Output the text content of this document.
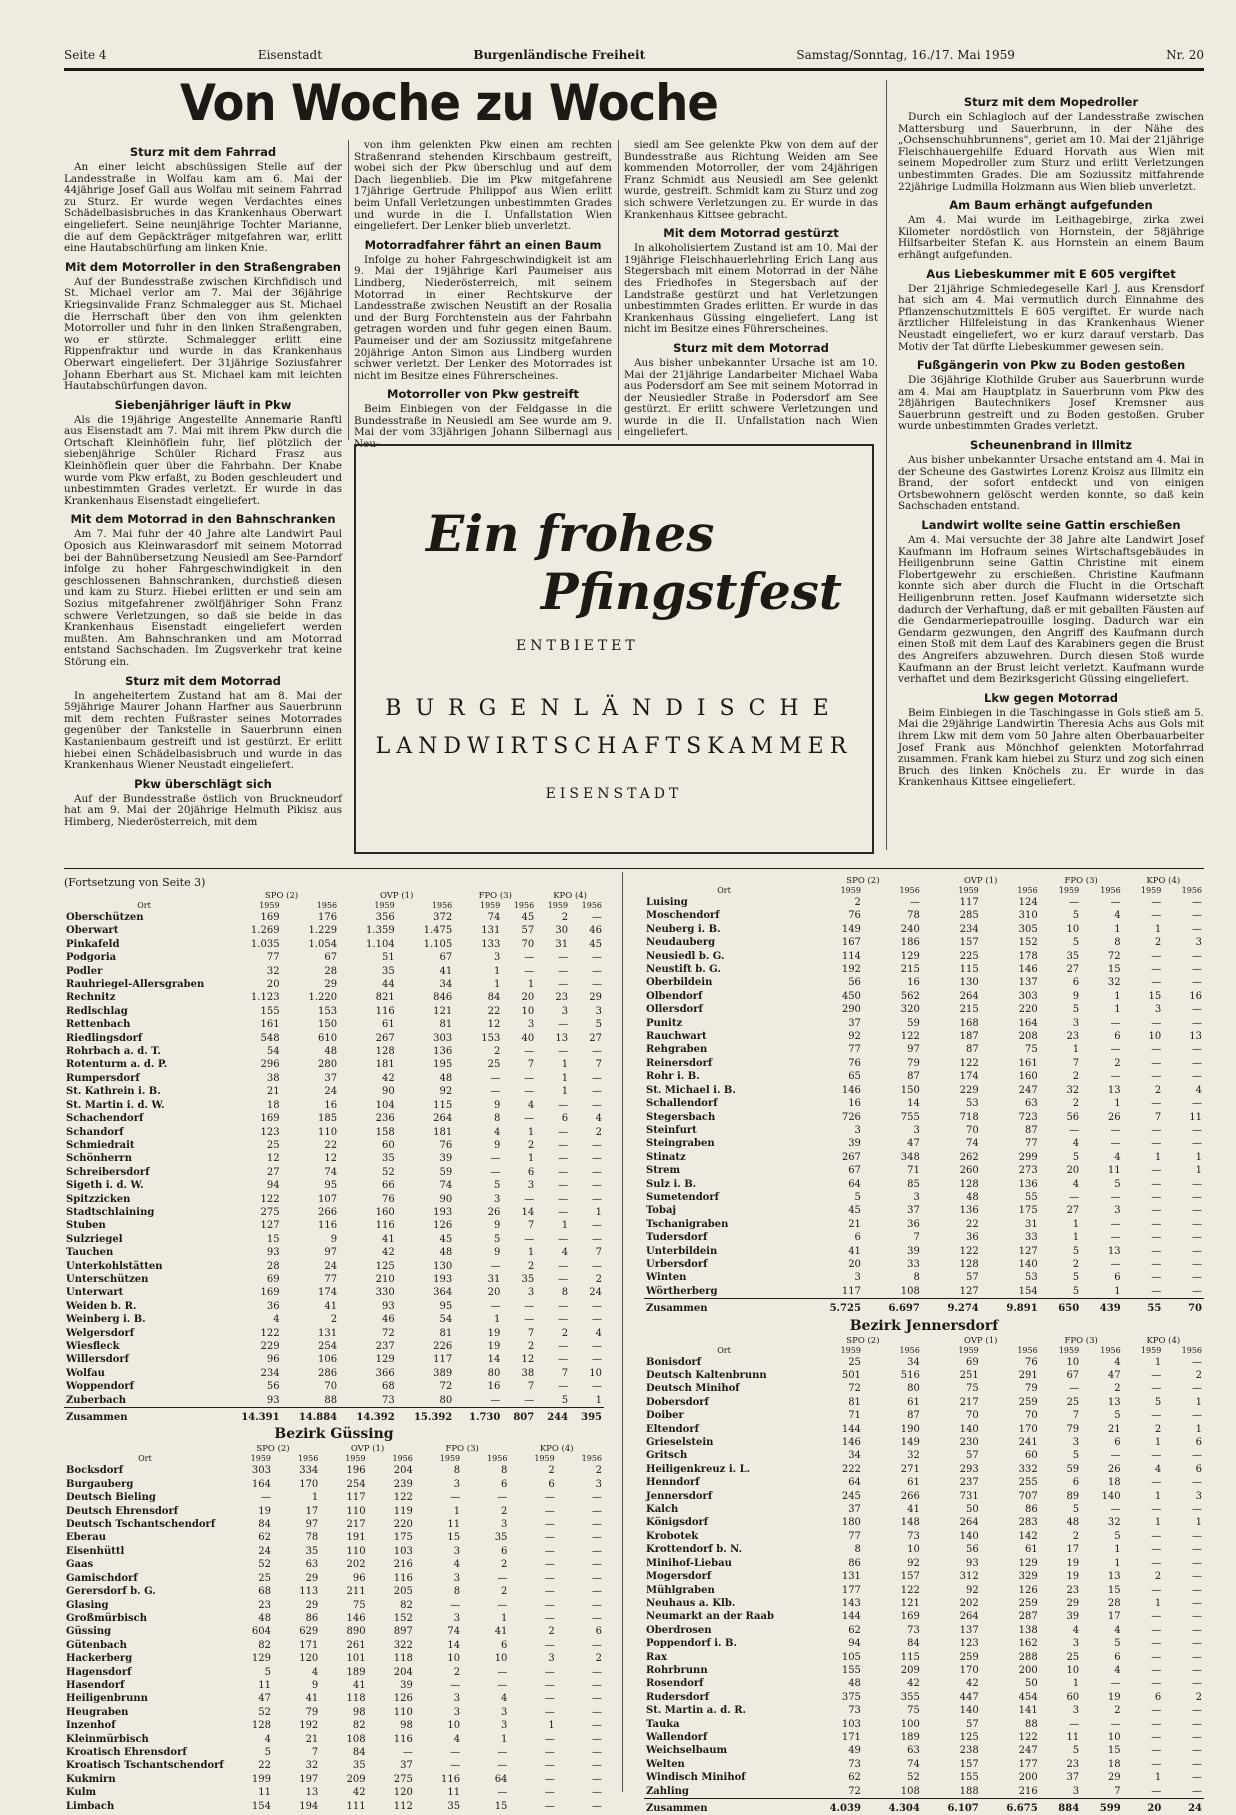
Seite 4	Eisenstadt	Burgenländische Freiheit	Samstag/Sonntag, 16./17. Mai 1959	Nr. 20
Von Woche zu Woche
Sturz mit dem Fahrrad

An einer leicht abschüssigen Stelle auf der Landesstraße in Wolfau kam am 6. Mai der 44jährige Josef Gall aus Wolfau mit seinem Fahrrad zu Sturz. Er wurde wegen Verdachtes eines Schädelbasisbruches in das Krankenhaus Oberwart eingeliefert. Seine neunjährige Tochter Marianne, die auf dem Gepäckträger mitgefahren war, erlitt eine Hautabschürfung am linken Knie.

Mit dem Motorroller in den Straßengraben

Auf der Bundesstraße zwischen Kirchfidisch und St. Michael verlor am 7. Mai der 36jährige Kriegsinvalide Franz Schmalegger aus St. Michael die Herrschaft über den von ihm gelenkten Motorroller und fuhr in den linken Straßengraben, wo er stürzte. Schmalegger erlitt eine Rippenfraktur und wurde in das Krankenhaus Oberwart eingeliefert. Der 31jährige Soziusfahrer Johann Eberhart aus St. Michael kam mit leichten Hautabschürfungen davon.

Siebenjähriger läuft in Pkw

Als die 19jährige Angestellte Annemarie Ranftl aus Eisenstadt am 7. Mai mit ihrem Pkw durch die Ortschaft Kleinhöflein fuhr, lief plötzlich der siebenjährige Schüler Richard Frasz aus Kleinhöflein quer über die Fahrbahn. Der Knabe wurde vom Pkw erfaßt, zu Boden geschleudert und unbestimmten Grades verletzt. Er wurde in das Krankenhaus Eisenstadt eingeliefert.

Mit dem Motorrad in den Bahnschranken

Am 7. Mai fuhr der 40 Jahre alte Landwirt Paul Oposich aus Kleinwarasdorf mit seinem Motorrad bei der Bahnübersetzung Neusiedl am See-Parndorf infolge zu hoher Fahrgeschwindigkeit in den geschlossenen Bahnschranken, durchstieß diesen und kam zu Sturz. Hiebei erlitten er und sein am Sozius mitgefahrener zwölfjähriger Sohn Franz schwere Verletzungen, so daß sie beide in das Krankenhaus Eisenstadt eingeliefert werden mußten. Am Bahnschranken und am Motorrad entstand Sachschaden. Im Zugsverkehr trat keine Störung ein.

Sturz mit dem Motorrad

In angeheitertem Zustand hat am 8. Mai der 59jährige Maurer Johann Harfner aus Sauerbrunn mit dem rechten Fußraster seines Motorrades gegenüber der Tankstelle in Sauerbrunn einen Kastanienbaum gestreift und ist gestürzt. Er erlitt hiebei einen Schädelbasisbruch und wurde in das Krankenhaus Wiener Neustadt eingeliefert.

Pkw überschlägt sich

Auf der Bundesstraße östlich von Bruckneudorf hat am 9. Mai der 20jährige Helmuth Pikisz aus Himberg, Niederösterreich, mit dem

von ihm gelenkten Pkw einen am rechten Straßenrand stehenden Kirschbaum gestreift, wobei sich der Pkw überschlug und auf dem Dach liegenblieb. Die im Pkw mitgefahrene 17jährige Gertrude Philippof aus Wien erlitt beim Unfall Verletzungen unbestimmten Grades und wurde in die I. Unfallstation Wien eingeliefert. Der Lenker blieb unverletzt.

Motorradfahrer fährt an einen Baum

Infolge zu hoher Fahrgeschwindigkeit ist am 9. Mai der 19jährige Karl Paumeiser aus Lindberg, Niederösterreich, mit seinem Motorrad in einer Rechtskurve der Landesstraße zwischen Neustift an der Rosalia und der Burg Forchtenstein aus der Fahrbahn getragen worden und fuhr gegen einen Baum. Paumeiser und der am Soziussitz mitgefahrene 20jährige Anton Simon aus Lindberg wurden schwer verletzt. Der Lenker des Motorrades ist nicht im Besitze eines Führerscheines.

Motorroller von Pkw gestreift

Beim Einbiegen von der Feldgasse in die Bundesstraße in Neusiedl am See wurde am 9. Mai der vom 33jährigen Johann Silbernagl aus Neu-

siedl am See gelenkte Pkw von dem auf der Bundesstraße aus Richtung Weiden am See kommenden Motorroller, der vom 24jährigen Franz Schmidt aus Neusiedl am See gelenkt wurde, gestreift. Schmidt kam zu Sturz und zog sich schwere Verletzungen zu. Er wurde in das Krankenhaus Kittsee gebracht.

Mit dem Motorrad gestürzt

In alkoholisiertem Zustand ist am 10. Mai der 19jährige Fleischhauerlehrling Erich Lang aus Stegersbach mit einem Motorrad in der Nähe des Friedhofes in Stegersbach auf der Landstraße gestürzt und hat Verletzungen unbestimmten Grades erlitten. Er wurde in das Krankenhaus Güssing eingeliefert. Lang ist nicht im Besitze eines Führerscheines.

Sturz mit dem Motorrad

Aus bisher unbekannter Ursache ist am 10. Mai der 21jährige Landarbeiter Michael Waba aus Podersdorf am See mit seinem Motorrad in der Neusiedler Straße in Podersdorf am See gestürzt. Er erlitt schwere Verletzungen und wurde in die II. Unfallstation nach Wien eingeliefert.

Sturz mit dem Mopedroller

Durch ein Schlagloch auf der Landesstraße zwischen Mattersburg und Sauerbrunn, in der Nähe des „Ochsenschuhbrunnens", geriet am 10. Mai der 21jährige Fleischhauergehilfe Eduard Horvath aus Wien mit seinem Mopedroller zum Sturz und erlitt Verletzungen unbestimmten Grades. Die am Soziussitz mitfahrende 22jährige Ludmilla Holzmann aus Wien blieb unverletzt.

Am Baum erhängt aufgefunden

Am 4. Mai wurde im Leithagebirge, zirka zwei Kilometer nordöstlich von Hornstein, der 58jährige Hilfsarbeiter Stefan K. aus Hornstein an einem Baum erhängt aufgefunden.

Aus Liebeskummer mit E 605 vergiftet

Der 21jährige Schmiedegeselle Karl J. aus Krensdorf hat sich am 4. Mai vermutlich durch Einnahme des Pflanzenschutzmittels E 605 vergiftet. Er wurde nach ärztlicher Hilfeleistung in das Krankenhaus Wiener Neustadt eingeliefert, wo er kurz darauf verstarb. Das Motiv der Tat dürfte Liebeskummer gewesen sein.

Fußgängerin von Pkw zu Boden gestoßen

Die 36jährige Klothilde Gruber aus Sauerbrunn wurde am 4. Mai am Hauptplatz in Sauerbrunn vom Pkw des 28jährigen Bautechnikers Josef Kremsner aus Sauerbrunn gestreift und zu Boden gestoßen. Gruber wurde unbestimmten Grades verletzt.

Scheunenbrand in Illmitz

Aus bisher unbekannter Ursache entstand am 4. Mai in der Scheune des Gastwirtes Lorenz Kroisz aus Illmitz ein Brand, der sofort entdeckt und von einigen Ortsbewohnern gelöscht werden konnte, so daß kein Sachschaden entstand.

Landwirt wollte seine Gattin erschießen

Am 4. Mai versuchte der 38 Jahre alte Landwirt Josef Kaufmann im Hofraum seines Wirtschaftsgebäudes in Heiligenbrunn seine Gattin Christine mit einem Flobertgewehr zu erschießen. Christine Kaufmann konnte sich aber durch die Flucht in die Ortschaft Heiligenbrunn retten. Josef Kaufmann widersetzte sich dadurch der Verhaftung, daß er mit geballten Fäusten auf die Gendarmeriepatrouille losging. Dadurch war ein Gendarm gezwungen, den Angriff des Kaufmann durch einen Stoß mit dem Lauf des Karabiners gegen die Brust des Angreifers abzuwehren. Durch diesen Stoß wurde Kaufmann an der Brust leicht verletzt. Kaufmann wurde verhaftet und dem Bezirksgericht Güssing eingeliefert.

Lkw gegen Motorrad

Beim Einbiegen in die Taschingasse in Gols stieß am 5. Mai die 29jährige Landwirtin Theresia Achs aus Gols mit ihrem Lkw mit dem vom 50 Jahre alten Oberbauarbeiter Josef Frank aus Mönchhof gelenkten Motorfahrrad zusammen. Frank kam hiebei zu Sturz und zog sich einen Bruch des linken Knöchels zu. Er wurde in das Krankenhaus Kittsee eingeliefert.

Ein frohes
Pfingstfest
ENTBIETET
BURGENLÄNDISCHE
LANDWIRTSCHAFTSKAMMER
EISENSTADT
(Fortsetzung von Seite 3)
	SPÖ (2)		ÖVP (1)		FPÖ (3)		KPÖ (4)	
Ort	1959	1956	1959	1956	1959	1956	1959	1956
Oberschützen	169	176	356	372	74	45	2	—
Oberwart	1.269	1.229	1.359	1.475	131	57	30	46
Pinkafeld	1.035	1.054	1.104	1.105	133	70	31	45
Podgoria	77	67	51	67	3	—	—	—
Podler	32	28	35	41	1	—	—	—
Rauhriegel-Allersgraben	20	29	44	34	1	1	—	—
Rechnitz	1.123	1.220	821	846	84	20	23	29
Redlschlag	155	153	116	121	22	10	3	3
Rettenbach	161	150	61	81	12	3	—	5
Riedlingsdorf	548	610	267	303	153	40	13	27
Rohrbach a. d. T.	54	48	128	136	2	—	—	—
Rotenturm a. d. P.	296	280	181	195	25	7	1	7
Rumpersdorf	38	37	42	48	—	—	1	—
St. Kathrein i. B.	21	24	90	92	—	—	1	—
St. Martin i. d. W.	18	16	104	115	9	4	—	—
Schachendorf	169	185	236	264	8	—	6	4
Schandorf	123	110	158	181	4	1	—	2
Schmiedrait	25	22	60	76	9	2	—	—
Schönherrn	12	12	35	39	—	1	—	—
Schreibersdorf	27	74	52	59	—	6	—	—
Sigeth i. d. W.	94	95	66	74	5	3	—	—
Spitzzicken	122	107	76	90	3	—	—	—
Stadtschlaining	275	266	160	193	26	14	—	1
Stuben	127	116	116	126	9	7	1	—
Sulzriegel	15	9	41	45	5	—	—	—
Tauchen	93	97	42	48	9	1	4	7
Unterkohlstätten	28	24	125	130	—	2	—	—
Unterschützen	69	77	210	193	31	35	—	2
Unterwart	169	174	330	364	20	3	8	24
Weiden b. R.	36	41	93	95	—	—	—	—
Weinberg i. B.	4	2	46	54	1	—	—	—
Welgersdorf	122	131	72	81	19	7	2	4
Wiesfleck	229	254	237	226	19	2	—	—
Willersdorf	96	106	129	117	14	12	—	—
Wolfau	234	286	366	389	80	38	7	10
Woppendorf	56	70	68	72	16	7	—	—
Zuberbach	93	88	73	80	—	—	5	1
Zusammen	14.391	14.884	14.392	15.392	1.730	807	244	395
Bezirk Güssing
	SPÖ (2)		ÖVP (1)		FPÖ (3)		KPÖ (4)	
Ort	1959	1956	1959	1956	1959	1956	1959	1956
Bocksdorf	303	334	196	204	8	8	2	2
Burgauberg	164	170	254	239	3	6	6	3
Deutsch Bieling	—	1	117	122	—	—	—	—
Deutsch Ehrensdorf	19	17	110	119	1	2	—	—
Deutsch Tschantschendorf	84	97	217	220	11	3	—	—
Eberau	62	78	191	175	15	35	—	—
Eisenhüttl	24	35	110	103	3	6	—	—
Gaas	52	63	202	216	4	2	—	—
Gamischdorf	25	29	96	116	3	—	—	—
Gerersdorf b. G.	68	113	211	205	8	2	—	—
Glasing	23	29	75	82	—	—	—	—
Großmürbisch	48	86	146	152	3	1	—	—
Güssing	604	629	890	897	74	41	2	6
Gütenbach	82	171	261	322	14	6	—	—
Hackerberg	129	120	101	118	10	10	3	2
Hagensdorf	5	4	189	204	2	—	—	—
Hasendorf	11	9	41	39	—	—	—	—
Heiligenbrunn	47	41	118	126	3	4	—	—
Heugraben	52	79	98	110	3	3	—	—
Inzenhof	128	192	82	98	10	3	1	—
Kleinmürbisch	4	21	108	116	4	1	—	—
Kroatisch Ehrensdorf	5	7	84	—	—	—	—	—
Kroatisch Tschantschendorf	22	32	35	37	—	—	—	—
Kukmirn	199	197	209	275	116	64	—	—
Kulm	11	13	42	120	11	—	—	—
Limbach	154	194	111	112	35	15	—	—
	SPÖ (2)		ÖVP (1)		FPÖ (3)		KPÖ (4)	
Ort	1959	1956	1959	1956	1959	1956	1959	1956
Luising	2	—	117	124	—	—	—	—
Moschendorf	76	78	285	310	5	4	—	—
Neuberg i. B.	149	240	234	305	10	1	1	—
Neudauberg	167	186	157	152	5	8	2	3
Neusiedl b. G.	114	129	225	178	35	72	—	—
Neustift b. G.	192	215	115	146	27	15	—	—
Oberbildein	56	16	130	137	6	32	—	—
Olbendorf	450	562	264	303	9	1	15	16
Ollersdorf	290	320	215	220	5	1	3	—
Punitz	37	59	168	164	3	—	—	—
Rauchwart	92	122	187	208	23	6	10	13
Rehgraben	77	97	87	75	1	—	—	—
Reinersdorf	76	79	122	161	7	2	—	—
Rohr i. B.	65	87	174	160	2	—	—	—
St. Michael i. B.	146	150	229	247	32	13	2	4
Schallendorf	16	14	53	63	2	1	—	—
Stegersbach	726	755	718	723	56	26	7	11
Steinfurt	3	3	70	87	—	—	—	—
Steingraben	39	47	74	77	4	—	—	—
Stinatz	267	348	262	299	5	4	1	1
Strem	67	71	260	273	20	11	—	1
Sulz i. B.	64	85	128	136	4	5	—	—
Sumetendorf	5	3	48	55	—	—	—	—
Tobaj	45	37	136	175	27	3	—	—
Tschanigraben	21	36	22	31	1	—	—	—
Tudersdorf	6	7	36	33	1	—	—	—
Unterbildein	41	39	122	127	5	13	—	—
Urbersdorf	20	33	128	140	2	—	—	—
Winten	3	8	57	53	5	6	—	—
Wörtherberg	117	108	127	154	5	1	—	—
Zusammen	5.725	6.697	9.274	9.891	650	439	55	70
Bezirk Jennersdorf
	SPÖ (2)		ÖVP (1)		FPÖ (3)		KPÖ (4)	
Ort	1959	1956	1959	1956	1959	1956	1959	1956
Bonisdorf	25	34	69	76	10	4	1	—
Deutsch Kaltenbrunn	501	516	251	291	67	47	—	2
Deutsch Minihof	72	80	75	79	—	2	—	—
Dobersdorf	81	61	217	259	25	13	5	1
Doiber	71	87	70	70	7	5	—	—
Eltendorf	144	190	140	170	79	21	2	1
Grieselstein	146	149	230	241	3	6	1	6
Gritsch	34	32	57	60	5	—	—	—
Heiligenkreuz i. L.	222	271	293	332	59	26	4	6
Henndorf	64	61	237	255	6	18	—	—
Jennersdorf	245	266	731	707	89	140	1	3
Kalch	37	41	50	86	5	—	—	—
Königsdorf	180	148	264	283	48	32	1	1
Krobotek	77	73	140	142	2	5	—	—
Krottendorf b. N.	8	10	56	61	17	1	—	—
Minihof-Liebau	86	92	93	129	19	1	—	—
Mogersdorf	131	157	312	329	19	13	2	—
Mühlgraben	177	122	92	126	23	15	—	—
Neuhaus a. Klb.	143	121	202	259	29	28	1	—
Neumarkt an der Raab	144	169	264	287	39	17	—	—
Oberdrosen	62	73	137	138	4	4	—	—
Poppendorf i. B.	94	84	123	162	3	5	—	—
Rax	105	115	259	288	25	6	—	—
Rohrbrunn	155	209	170	200	10	4	—	—
Rosendorf	48	42	42	50	1	—	—	—
Rudersdorf	375	355	447	454	60	19	6	2
St. Martin a. d. R.	73	75	140	141	3	2	—	—
Tauka	103	100	57	88	—	—	—	—
Wallendorf	171	189	125	122	11	10	—	—
Weichselbaum	49	63	238	247	5	15	—	—
Welten	73	74	157	177	23	18	—	—
Windisch Minihof	62	52	155	200	37	29	1	—
Zahling	72	108	188	216	3	7	—	—
Zusammen	4.039	4.304	6.107	6.675	884	599	20	24
